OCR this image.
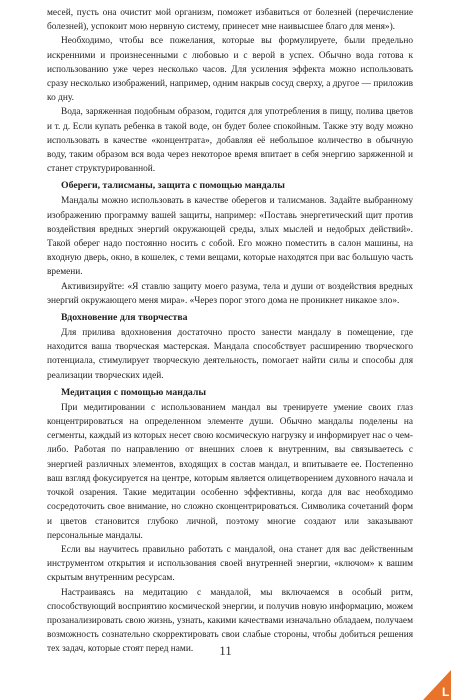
месей, пусть она очистит мой организм, поможет избавиться от болезней (перечисление болезней), успокоит мою нервную систему, принесет мне наивысшее благо для меня»).

Необходимо, чтобы все пожелания, которые вы формулируете, были предельно искренними и произнесенными с любовью и с верой в успех. Обычно вода готова к использованию уже через несколько часов. Для усиления эффекта можно использовать сразу несколько изображений, например, одним накрыв сосуд сверху, а другое — приложив ко дну.

Вода, заряженная подобным образом, годится для употребления в пищу, полива цветов и т. д. Если купать ребенка в такой воде, он будет более спокойным. Также эту воду можно использовать в качестве «концентрата», добавляя её небольшое количество в обычную воду, таким образом вся вода через некоторое время впитает в себя энергию заряженной и станет структурированной.

Обереги, талисманы, защита с помощью мандалы

Мандалы можно использовать в качестве оберегов и талисманов. Задайте выбранному изображению программу вашей защиты, например: «Поставь энергетический щит против воздействия вредных энергий окружающей среды, злых мыслей и недобрых действий». Такой оберег надо постоянно носить с собой. Его можно поместить в салон машины, на входную дверь, окно, в кошелек, с теми вещами, которые находятся при вас большую часть времени.

Активизируйте: «Я ставлю защиту моего разума, тела и души от воздействия вредных энергий окружающего меня мира». «Через порог этого дома не проникнет никакое зло».

Вдохновение для творчества

Для прилива вдохновения достаточно просто занести мандалу в помещение, где находится ваша творческая мастерская. Мандала способствует расширению творческого потенциала, стимулирует творческую деятельность, помогает найти силы и способы для реализации творческих идей.

Медитация с помощью мандалы

При медитировании с использованием мандал вы тренируете умение своих глаз концентрироваться на определенном элементе души. Обычно мандалы поделены на сегменты, каждый из которых несет свою космическую нагрузку и информирует нас о чем-либо. Работая по направлению от внешних слоев к внутренним, вы связываетесь с энергией различных элементов, входящих в состав мандал, и впитываете ее. Постепенно ваш взгляд фокусируется на центре, которым является олицетворением духовного начала и точкой озарения. Такие медитации особенно эффективны, когда для вас необходимо сосредоточить свое внимание, но сложно сконцентрироваться. Символика сочетаний форм и цветов становится глубоко личной, поэтому многие создают или заказывают персональные мандалы.

Если вы научитесь правильно работать с мандалой, она станет для вас действенным инструментом открытия и использования своей внутренней энергии, «ключом» к вашим скрытым внутренним ресурсам.

Настраиваясь на медитацию с мандалой, мы включаемся в особый ритм, способствующий восприятию космической энергии, и получив новую информацию, можем прозанализировать свою жизнь, узнать, какими качествами изначально обладаем, получаем возможность сознательно скорректировать свои слабые стороны, чтобы добиться решения тех задач, которые стоят перед нами.	11
L
